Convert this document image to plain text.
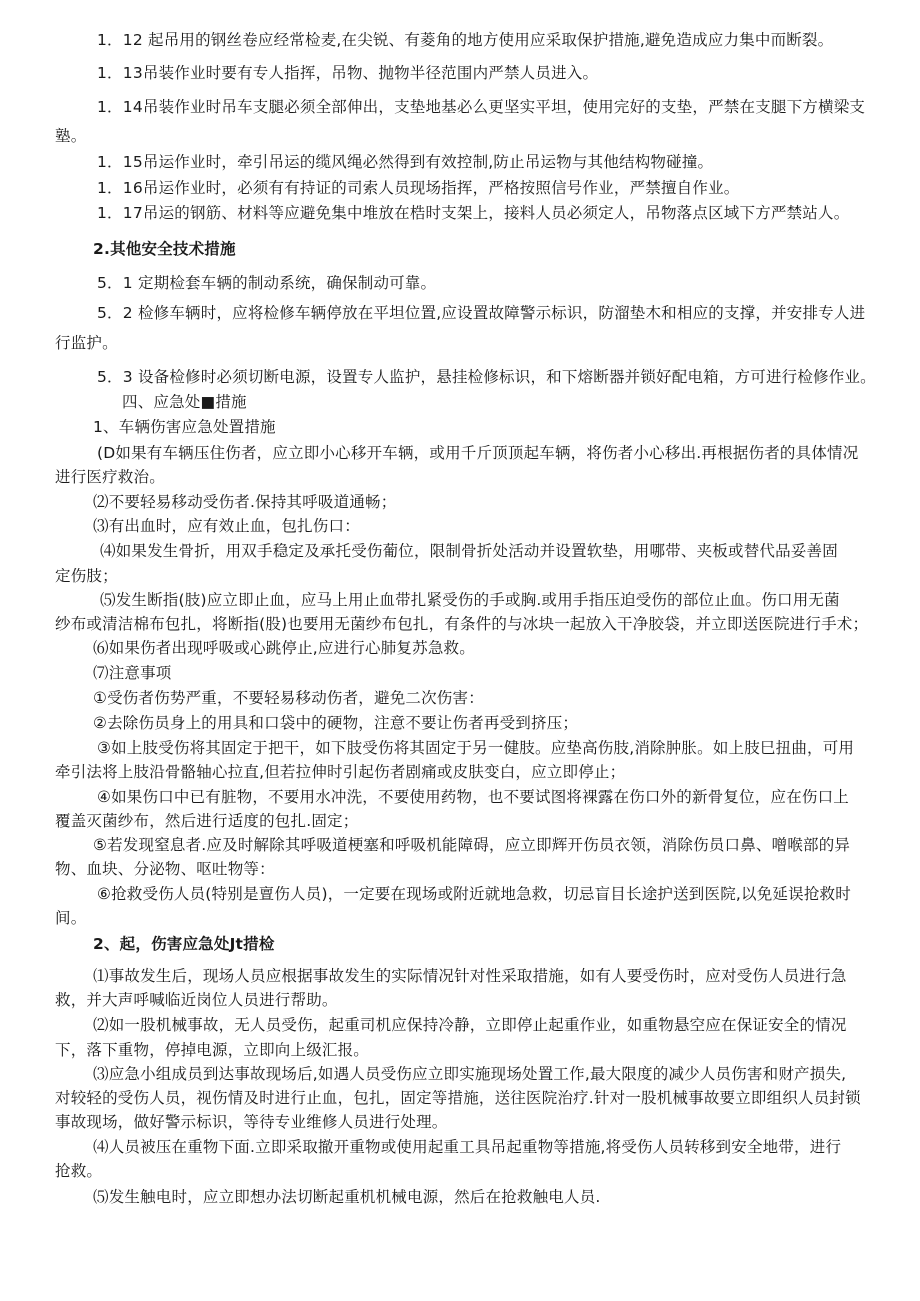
1．12 起吊用的钢丝卷应经常检麦,在尖锐、有菱角的地方使用应采取保护措施,避免造成应力集中而断裂。
1．13吊装作业时要有专人指挥，吊物、抛物半径范围内严禁人员进入。
1．14吊装作业时吊车支腿必须全部伸出，支垫地基必么更坚实平坦，使用完好的支垫，严禁在支腿下方横梁支
塾。
1．15吊运作业时，牵引吊运的缆风绳必然得到有效控制,防止吊运物与其他结构物碰撞。
1．16吊运作业时，必须有有持证的司索人员现场指挥，严格按照信号作业，严禁擅自作业。
1．17吊运的钢筋、材料等应避免集中堆放在梏时支架上，接料人员必须定人，吊物落点区域下方严禁站人。
2.其他安全技术措施
5．1 定期检套车辆的制动系统，确保制动可靠。
5．2 检修车辆时，应将检修车辆停放在平坦位置,应设置故障警示标识，防溜垫木和相应的支撑，并安排专人进
行监护。
5．3 设备检修时必须切断电源，设置专人监护，悬挂检修标识，和下熔断器并锁好配电箱，方可进行检修作业。
四、应急处■措施
1、车辆伤害应急处置措施
(D如果有车辆压住伤者，应立即小心移开车辆，或用千斤顶顶起车辆，将伤者小心移出.再根据伤者的具体情况
进行医疗救治。
⑵不要轻易移动受伤者.保持其呼吸道通畅；
⑶有出血时，应有效止血，包扎伤口：
⑷如果发生骨折，用双手稳定及承托受伤葡位，限制骨折处活动并设置软垫，用哪带、夹板或替代品妥善固
定伤肢；
⑸发生断指(肢)应立即止血，应马上用止血带扎紧受伤的手或胸.或用手指压迫受伤的部位止血。伤口用无菌
纱布或清洁棉布包扎，将断指(股)也要用无菌纱布包扎，有条件的与冰块一起放入干净胶袋，并立即送医院进行手术；
⑹如果伤者出现呼吸或心跳停止,应进行心肺复苏急救。
⑺注意事项
①受伤者伤势严重，不要轻易移动伤者，避免二次伤害：
②去除伤员身上的用具和口袋中的硬物，注意不要让伤者再受到挤压；
③如上肢受伤将其固定于把干，如下肢受伤将其固定于另一健肢。应垫高伤肢,消除肿胀。如上肢巳扭曲，可用
牵引法将上肢沿骨骼轴心拉直,但若拉伸时引起伤者剧痛或皮肤变白，应立即停止；
④如果伤口中已有脏物，不要用水冲洗，不要使用药物，也不要试图将裸露在伤口外的新骨复位，应在伤口上
覆盖灭菌纱布，然后进行适度的包扎.固定；
⑤若发现窒息者.应及时解除其呼吸道梗塞和呼吸机能障碍，应立即辉开伤员衣领，消除伤员口鼻、噌喉部的异
物、血块、分泌物、呕吐物等：
⑥抢救受伤人员(特别是亶伤人员)，一定要在现场或附近就地急救，切忌盲目长途护送到医院,以免延误抢救时
间。
2、起，伤害应急处Jt措检
⑴事故发生后，现场人员应根据事故发生的实际情况针对性采取措施，如有人要受伤时，应对受伤人员进行急
救，并大声呼喊临近岗位人员进行帮助。
⑵如一股机械事故，无人员受伤，起重司机应保持冷静，立即停止起重作业，如重物悬空应在保证安全的情况
下，落下重物，停掉电源，立即向上级汇报。
⑶应急小组成员到达事故现场后,如遇人员受伤应立即实施现场处置工作,最大限度的减少人员伤害和财产损失,
对较轻的受伤人员，视伤情及时进行止血，包扎，固定等措施，送往医院治疗.针对一股机械事故要立即组织人员封锁
事故现场，做好警示标识，等待专业维修人员进行处理。
⑷人员被压在重物下面.立即采取撤开重物或使用起重工具吊起重物等措施,将受伤人员转移到安全地带，进行
抢救。
⑸发生触电时，应立即想办法切断起重机机械电源，然后在抢救触电人员.
